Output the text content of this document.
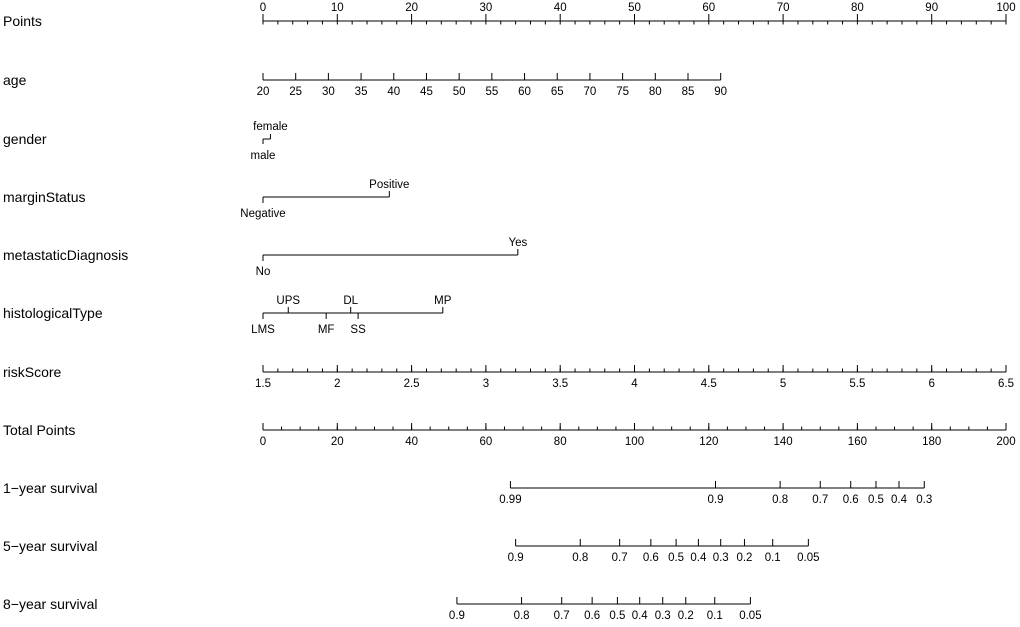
Points
0	10	20	30	40	50	60	70	80	90	100
age
20 25 30 35 40 45 50 55 60 65 70 75 80 85 90
gender
female
male
marginStatus
Positive
Negative
metastaticDiagnosis
Yes
No
histologicalType
LMS
UPS
MF
DL
SS
MP
riskScore
1.5	2	2.5	3	3.5	4	4.5	5	5.5	6	6.5
Total Points
0	20	40	60	80	100	120	140	160	180	200
1−year survival
0.99	0.9	0.8 0.7 0.6 0.5 0.4 0.3
5−year survival
0.9	0.8 0.7 0.6 0.5 0.4 0.3 0.2 0.1 0.05
8−year survival
0.9	0.8 0.7 0.6 0.5 0.4 0.3 0.2 0.1 0.05
